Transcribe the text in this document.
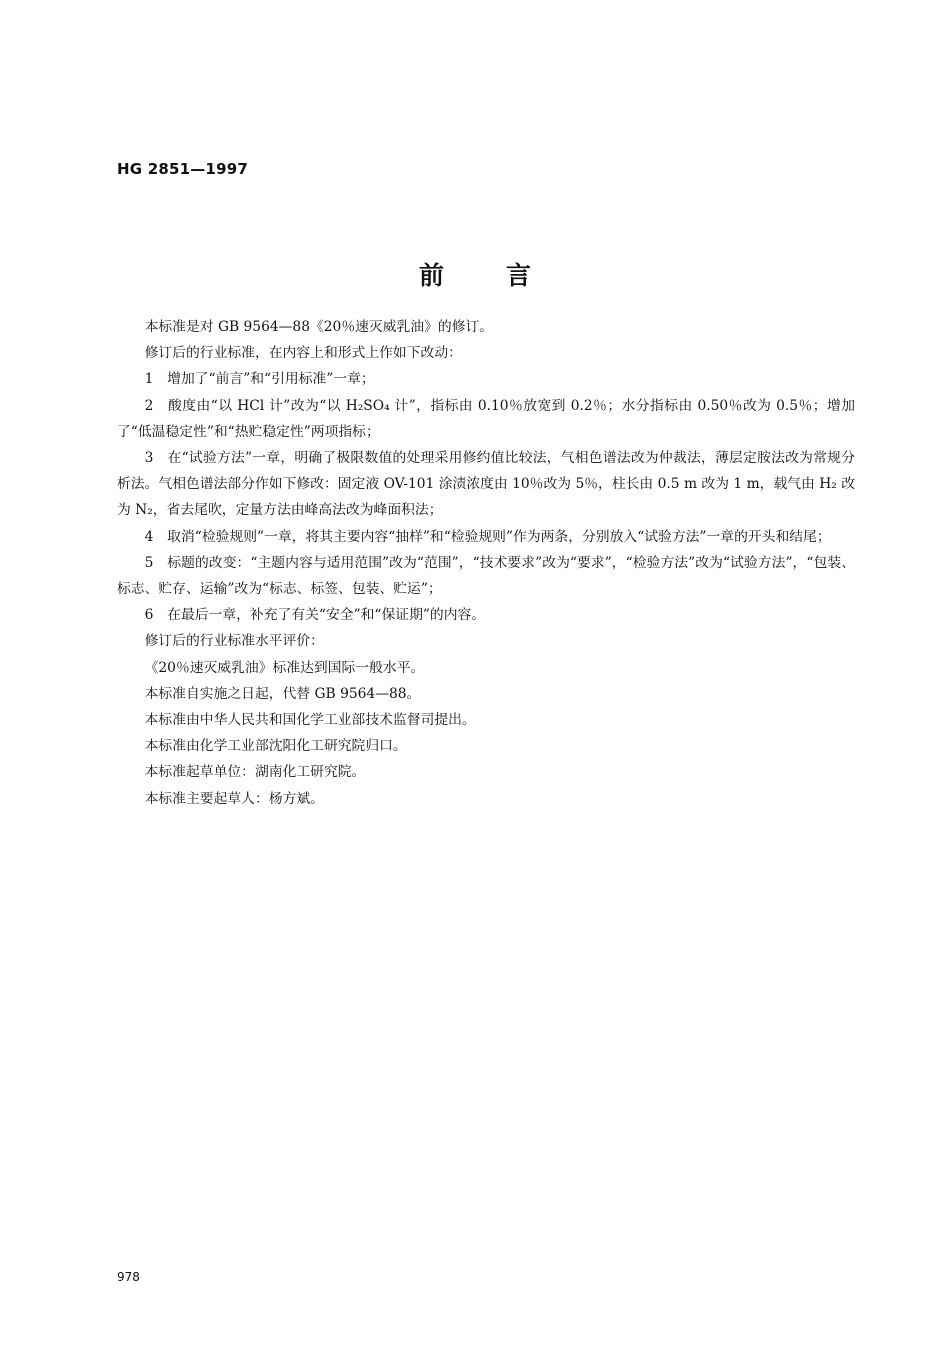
HG 2851—1997
前言

本标准是对 GB 9564—88《20％速灭威乳油》的修订。

修订后的行业标准，在内容上和形式上作如下改动：

1　增加了“前言”和“引用标准”一章；

2　酸度由“以 HCl 计”改为“以 H₂SO₄ 计”，指标由 0.10％放宽到 0.2％；水分指标由 0.50％改为 0.5％；增加了“低温稳定性”和“热贮稳定性”两项指标；

3　在“试验方法”一章，明确了极限数值的处理采用修约值比较法，气相色谱法改为仲裁法，薄层定胺法改为常规分析法。气相色谱法部分作如下修改：固定液 OV-101 涂渍浓度由 10％改为 5％，柱长由 0.5 m 改为 1 m，载气由 H₂ 改为 N₂，省去尾吹，定量方法由峰高法改为峰面积法；

4　取消“检验规则”一章，将其主要内容“抽样”和“检验规则”作为两条，分别放入“试验方法”一章的开头和结尾；

5　标题的改变：“主题内容与适用范围”改为“范围”，“技术要求”改为“要求”，“检验方法”改为“试验方法”，“包装、标志、贮存、运输”改为“标志、标签、包装、贮运”；

6　在最后一章，补充了有关“安全”和“保证期”的内容。

修订后的行业标准水平评价：

《20％速灭威乳油》标准达到国际一般水平。

本标准自实施之日起，代替 GB 9564—88。

本标准由中华人民共和国化学工业部技术监督司提出。

本标准由化学工业部沈阳化工研究院归口。

本标准起草单位：湖南化工研究院。

本标准主要起草人：杨方斌。

978
